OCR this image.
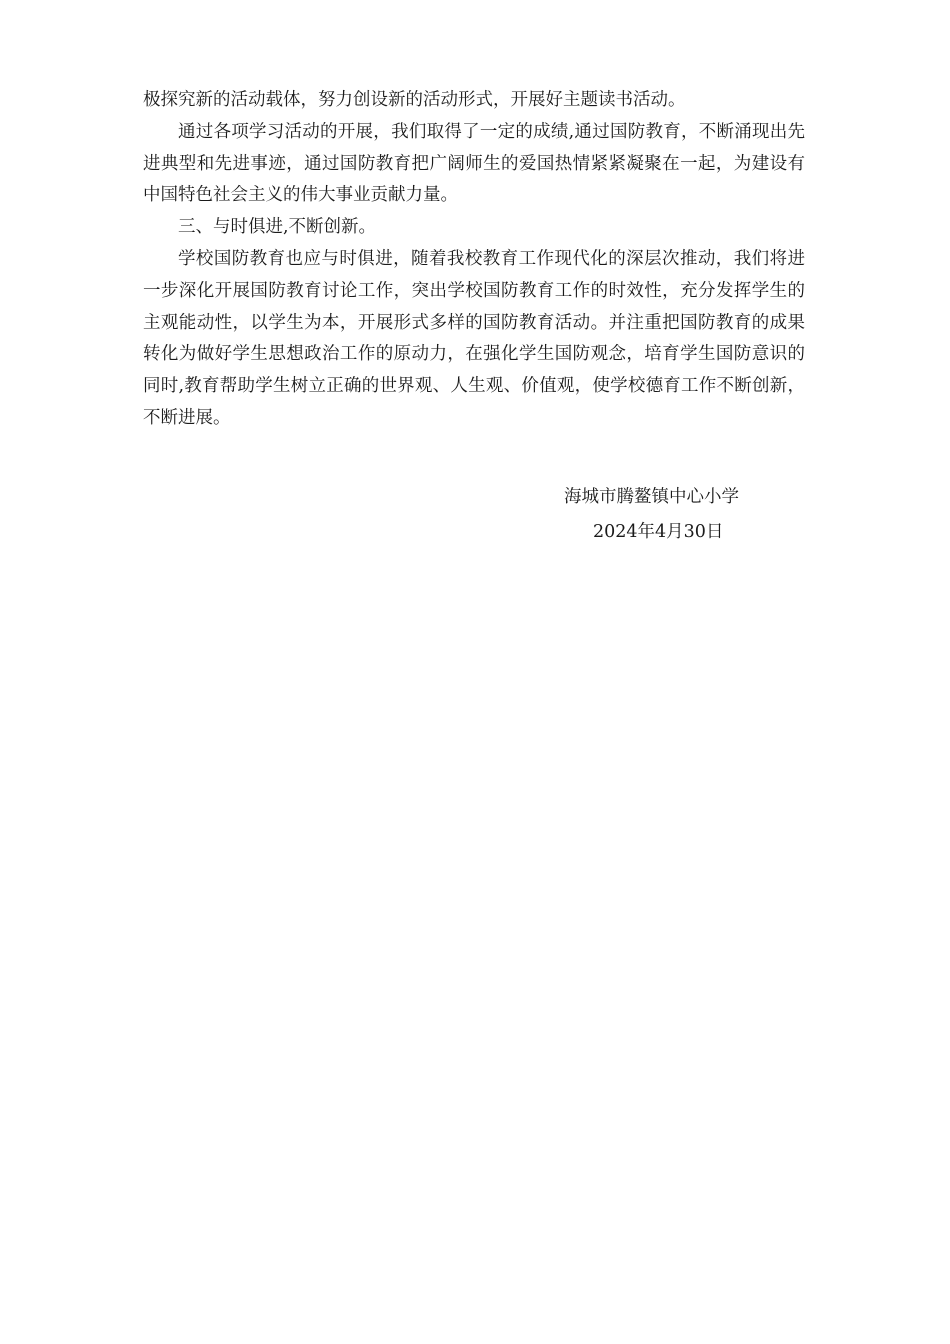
极探究新的活动载体，努力创设新的活动形式，开展好主题读书活动。

通过各项学习活动的开展，我们取得了一定的成绩,通过国防教育，不断涌现出先进典型和先进事迹，通过国防教育把广阔师生的爱国热情紧紧凝聚在一起，为建设有中国特色社会主义的伟大事业贡献力量。

三、与时俱进,不断创新。

学校国防教育也应与时俱进，随着我校教育工作现代化的深层次推动，我们将进一步深化开展国防教育讨论工作，突出学校国防教育工作的时效性，充分发挥学生的主观能动性，以学生为本，开展形式多样的国防教育活动。并注重把国防教育的成果转化为做好学生思想政治工作的原动力，在强化学生国防观念，培育学生国防意识的同时,教育帮助学生树立正确的世界观、人生观、价值观，使学校德育工作不断创新，不断进展。

海城市腾鳌镇中心小学
2024年4月30日
